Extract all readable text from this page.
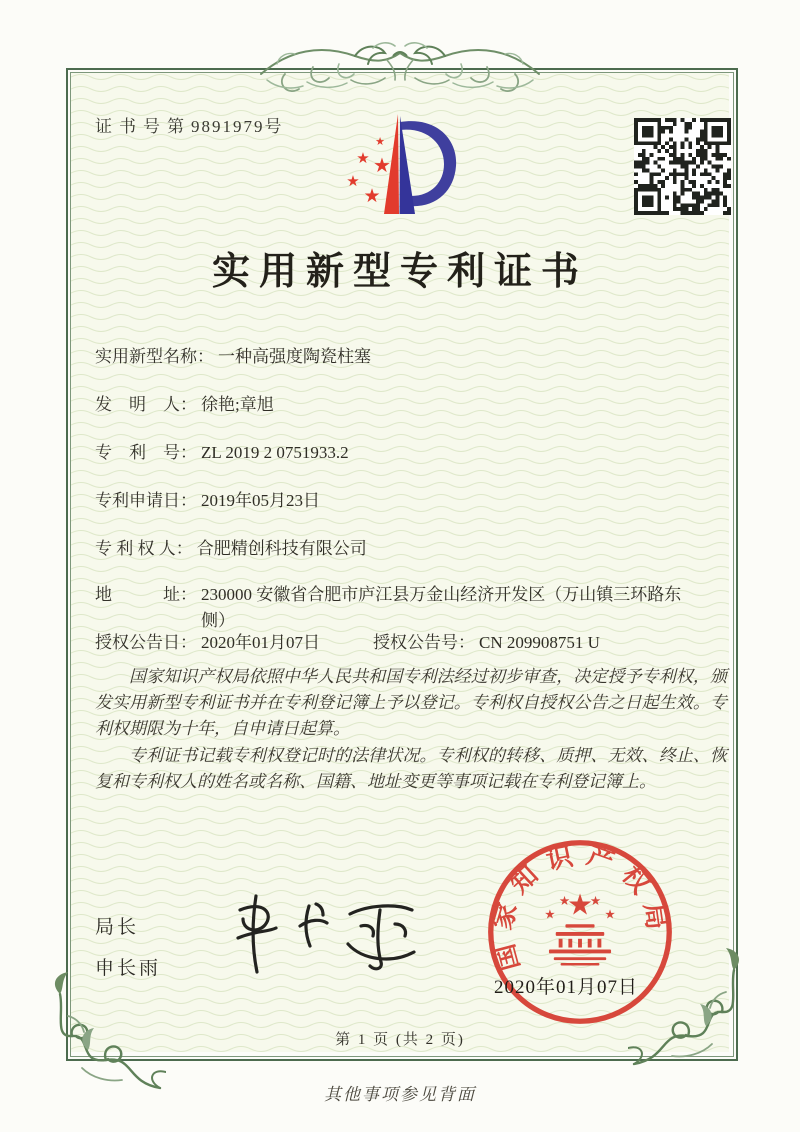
证书号第9891979号
★
★ ★
★
★
实用新型专利证书
实用新型名称： 一种高强度陶瓷柱塞
发　明　人： 徐艳;章旭
专　利　号： ZL 2019 2 0751933.2
专利申请日： 2019年05月23日
专 利 权 人： 合肥精创科技有限公司
地　　　址： 230000 安徽省合肥市庐江县万金山经济开发区（万山镇三环路东侧）
授权公告日： 2020年01月07日	授权公告号： CN 209908751 U

国家知识产权局依照中华人民共和国专利法经过初步审查，决定授予专利权，颁发实用新型专利证书并在专利登记簿上予以登记。专利权自授权公告之日起生效。专利权期限为十年，自申请日起算。

专利证书记载专利权登记时的法律状况。专利权的转移、质押、无效、终止、恢复和专利权人的姓名或名称、国籍、地址变更等事项记载在专利登记簿上。

局长
申长雨	国家知识产权局
★
★
★ ★
★
2020年01月07日
第 1 页 (共 2 页)
其他事项参见背面
